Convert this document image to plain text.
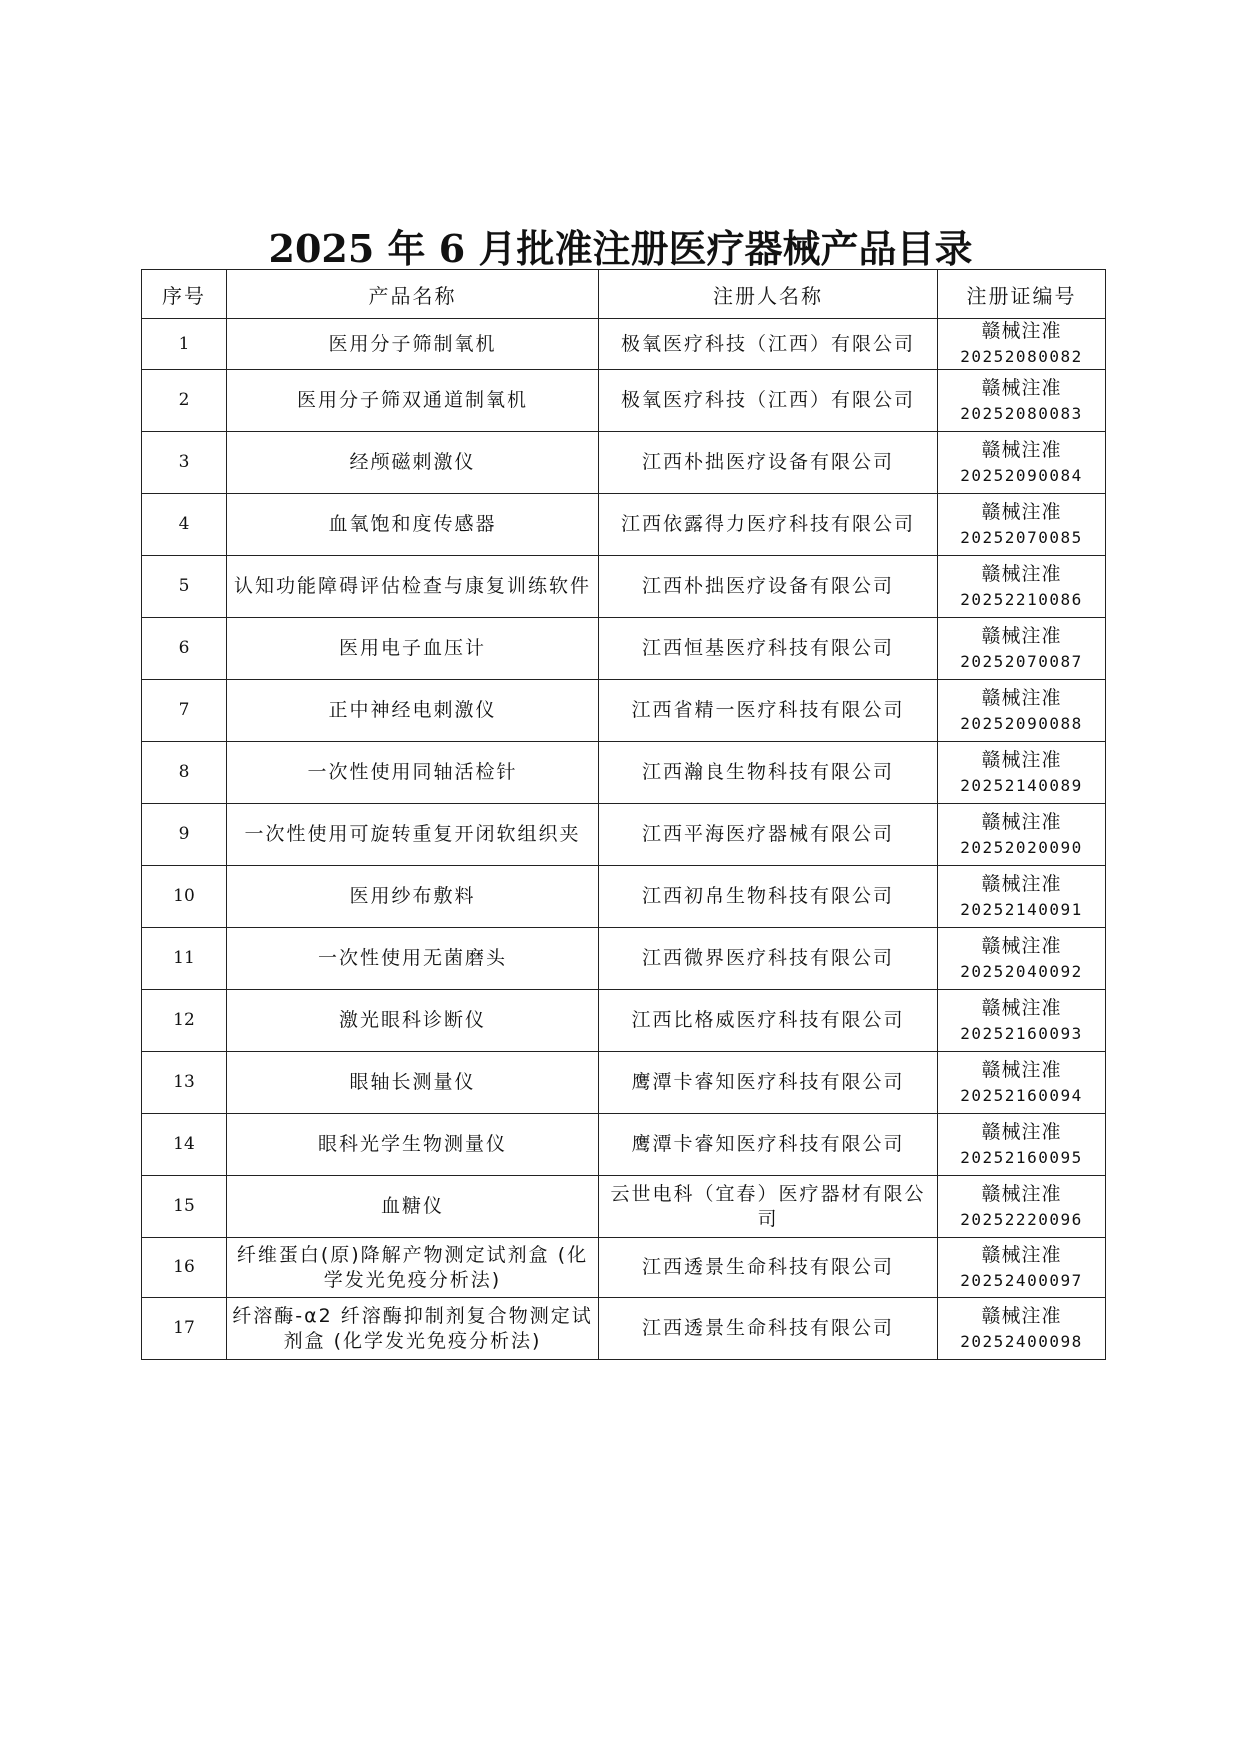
2025 年 6 月批准注册医疗器械产品目录
序号	产品名称	注册人名称	注册证编号
1	医用分子筛制氧机	极氧医疗科技（江西）有限公司	赣械注准
20252080082

2	医用分子筛双通道制氧机	极氧医疗科技（江西）有限公司	赣械注准
20252080083

3	经颅磁刺激仪	江西朴拙医疗设备有限公司	赣械注准
20252090084

4	血氧饱和度传感器	江西依露得力医疗科技有限公司	赣械注准
20252070085

5	认知功能障碍评估检查与康复训练软件	江西朴拙医疗设备有限公司	赣械注准
20252210086

6	医用电子血压计	江西恒基医疗科技有限公司	赣械注准
20252070087

7	正中神经电刺激仪	江西省精一医疗科技有限公司	赣械注准
20252090088

8	一次性使用同轴活检针	江西瀚良生物科技有限公司	赣械注准
20252140089

9	一次性使用可旋转重复开闭软组织夹	江西平海医疗器械有限公司	赣械注准
20252020090

10	医用纱布敷料	江西初帛生物科技有限公司	赣械注准
20252140091

11	一次性使用无菌磨头	江西微界医疗科技有限公司	赣械注准
20252040092

12	激光眼科诊断仪	江西比格威医疗科技有限公司	赣械注准
20252160093

13	眼轴长测量仪	鹰潭卡睿知医疗科技有限公司	赣械注准
20252160094

14	眼科光学生物测量仪	鹰潭卡睿知医疗科技有限公司	赣械注准
20252160095

15	血糖仪	云世电科（宜春）医疗器材有限公司	赣械注准
20252220096

16	纤维蛋白(原)降解产物测定试剂盒 (化学发光免疫分析法)	江西透景生命科技有限公司	赣械注准
20252400097

17	纤溶酶-α2 纤溶酶抑制剂复合物测定试剂盒 (化学发光免疫分析法)	江西透景生命科技有限公司	赣械注准
20252400098
